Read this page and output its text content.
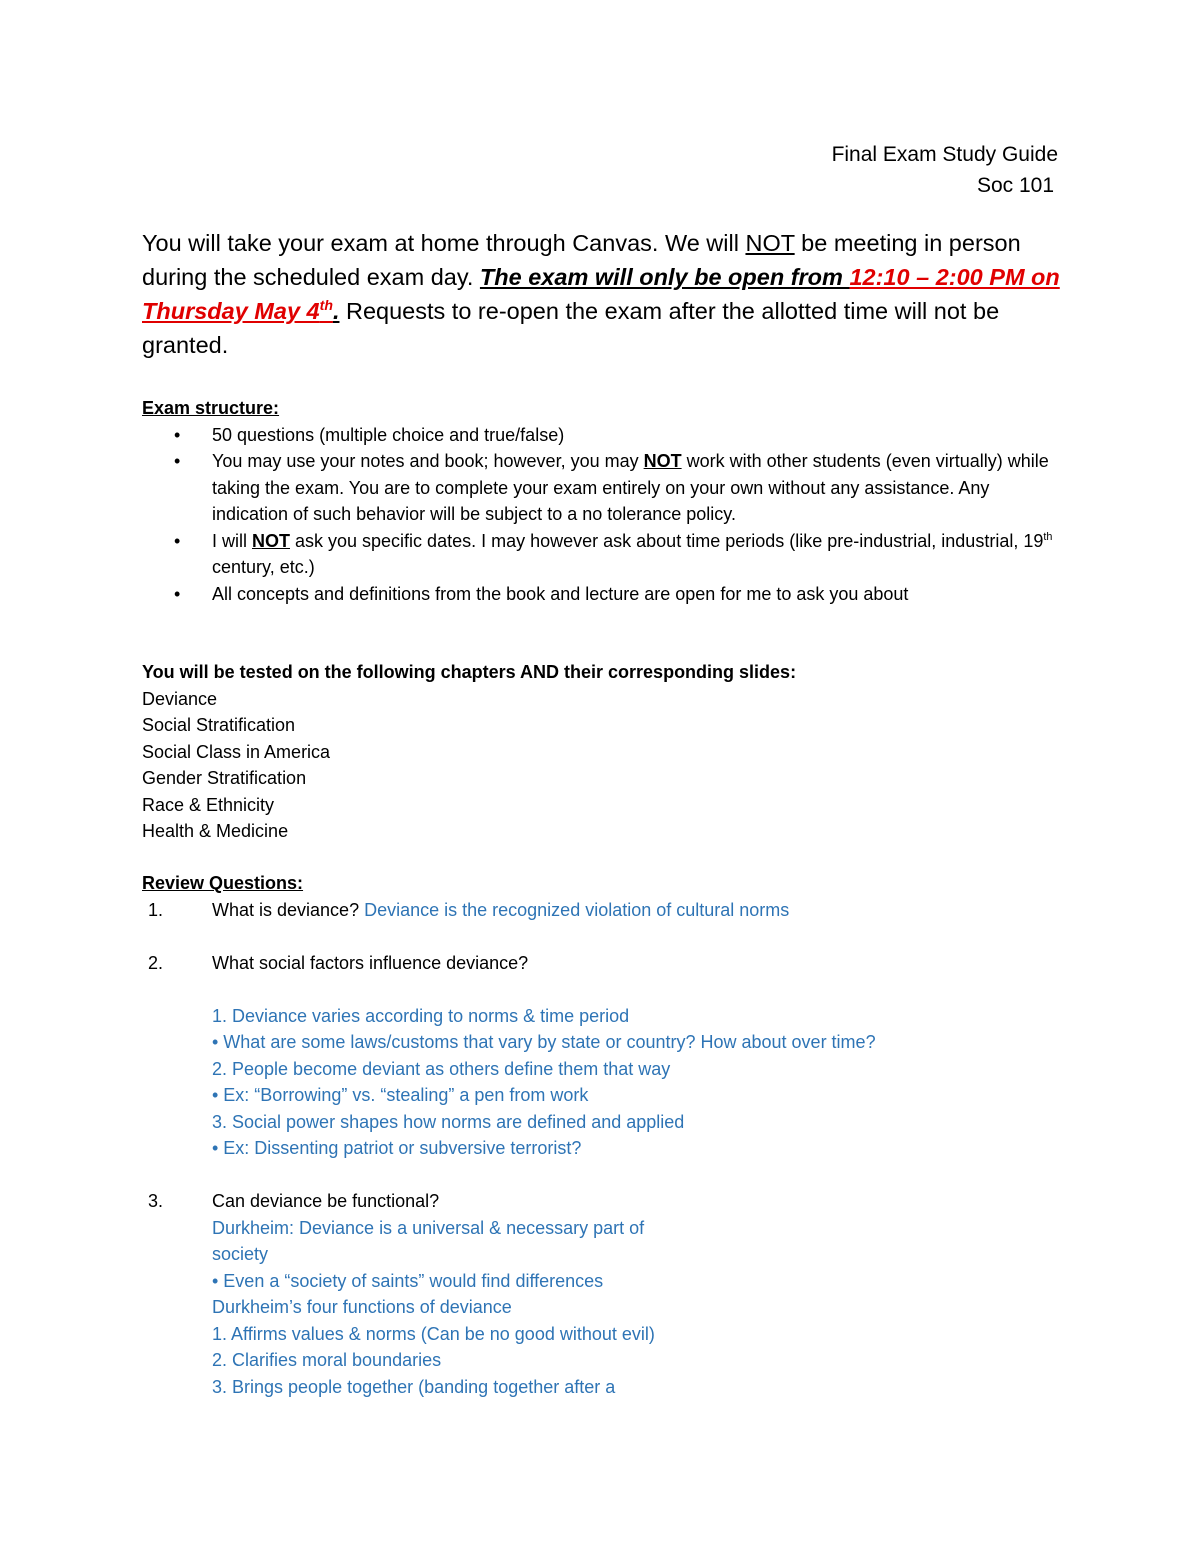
Final Exam Study Guide
Soc 101

You will take your exam at home through Canvas. We will NOT be meeting in person during the scheduled exam day. The exam will only be open from 12:10 – 2:00 PM on Thursday May 4th. Requests to re-open the exam after the allotted time will not be granted.

Exam structure:

• 50 questions (multiple choice and true/false)
• You may use your notes and book; however, you may NOT work with other students (even virtually) while taking the exam. You are to complete your exam entirely on your own without any assistance. Any indication of such behavior will be subject to a no tolerance policy.
• I will NOT ask you specific dates. I may however ask about time periods (like pre-industrial, industrial, 19th century, etc.)
• All concepts and definitions from the book and lecture are open for me to ask you about

You will be tested on the following chapters AND their corresponding slides:

Deviance

Social Stratification

Social Class in America

Gender Stratification

Race & Ethnicity

Health & Medicine

Review Questions:

1.	What is deviance? Deviance is the recognized violation of cultural norms
2.	What social factors influence deviance?
1. Deviance varies according to norms & time period
• What are some laws/customs that vary by state or country? How about over time?
2. People become deviant as others define them that way
• Ex: “Borrowing” vs. “stealing” a pen from work
3. Social power shapes how norms are defined and applied
• Ex: Dissenting patriot or subversive terrorist?
3.	Can deviance be functional?
Durkheim: Deviance is a universal & necessary part of
society
• Even a “society of saints” would find differences
Durkheim’s four functions of deviance
1. Affirms values & norms (Can be no good without evil)
2. Clarifies moral boundaries
3. Brings people together (banding together after a
